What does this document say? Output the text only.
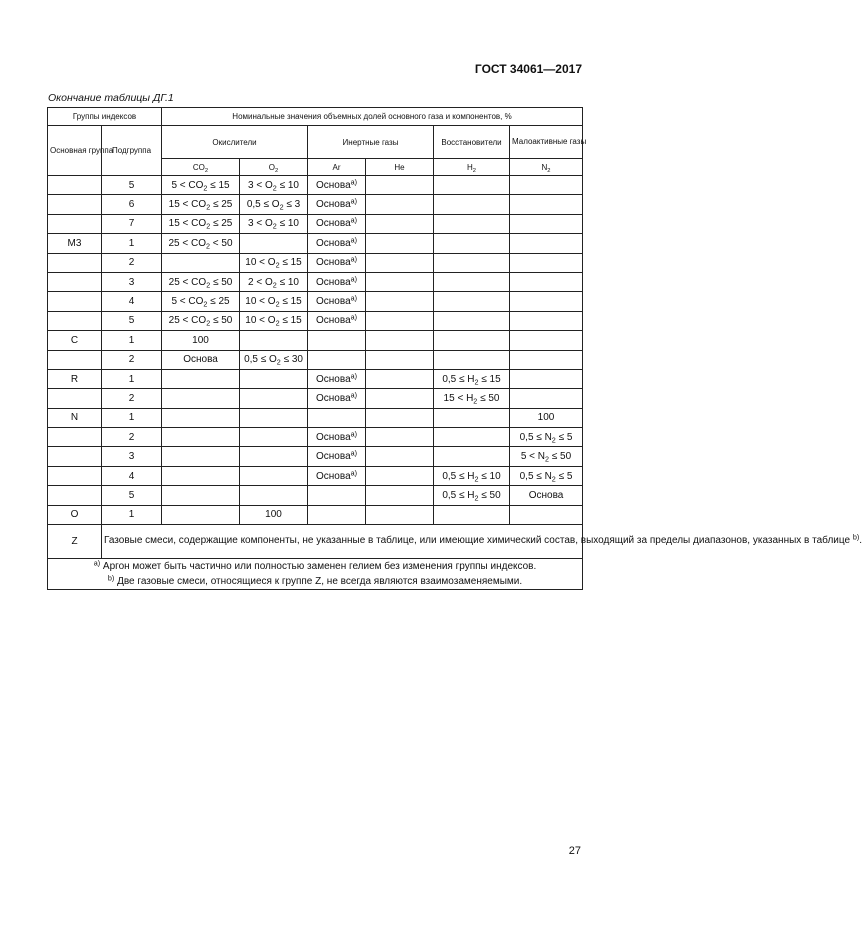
ГОСТ 34061—2017
Окончание таблицы ДГ.1
Группы индексов		Номинальные значения объемных долей основного газа и компонентов, %					
Основная группа	Подгруппа	Окислители		Инертные газы		Восстановители	Малоактивные газы
		$CO_2$	$O_2$	Ar	He	$H_2$	$N_2$
	5	$5 < CO_2 \le 15$	$3 < O_2 \le 10$	Основа$^{a)}$			
	6	$15 < CO_2 \le 25$	$0,5 \le O_2 \le 3$	Основа$^{a)}$			
	7	$15 < CO_2 \le 25$	$3 < O_2 \le 10$	Основа$^{a)}$			
M3	1	$25 < CO_2 < 50$		Основа$^{a)}$			
	2		$10 < O_2 \le 15$	Основа$^{a)}$			
	3	$25 < CO_2 \le 50$	$2 < O_2 \le 10$	Основа$^{a)}$			
	4	$5 < CO_2 \le 25$	$10 < O_2 \le 15$	Основа$^{a)}$			
	5	$25 < CO_2 \le 50$	$10 < O_2 \le 15$	Основа$^{a)}$			
C	1	100					
	2	Основа	$0,5 \le O_2 \le 30$				
R	1			Основа$^{a)}$		$0,5 \le H_2 \le 15$	
	2			Основа$^{a)}$		$15 < H_2 \le 50$	
N	1						100
	2			Основа$^{a)}$			$0,5 \le N_2 \le 5$
	3			Основа$^{a)}$			$5 < N_2 \le 50$
	4			Основа$^{a)}$		$0,5 \le H_2 \le 10$	$0,5 \le N_2 \le 5$
	5					$0,5 \le H_2 \le 50$	Основа
O	1		100				
Z	Газовые смеси, содержащие компоненты, не указанные в таблице, или имеющие химический состав, выходящий за пределы диапазонов, указанных в таблице $^{b)}$.						

$^{a)}$ Аргон может быть частично или полностью заменен гелием без изменения группы индексов.
$^{b)}$ Две газовые смеси, относящиеся к группе Z, не всегда являются взаимозаменяемыми.							
27
